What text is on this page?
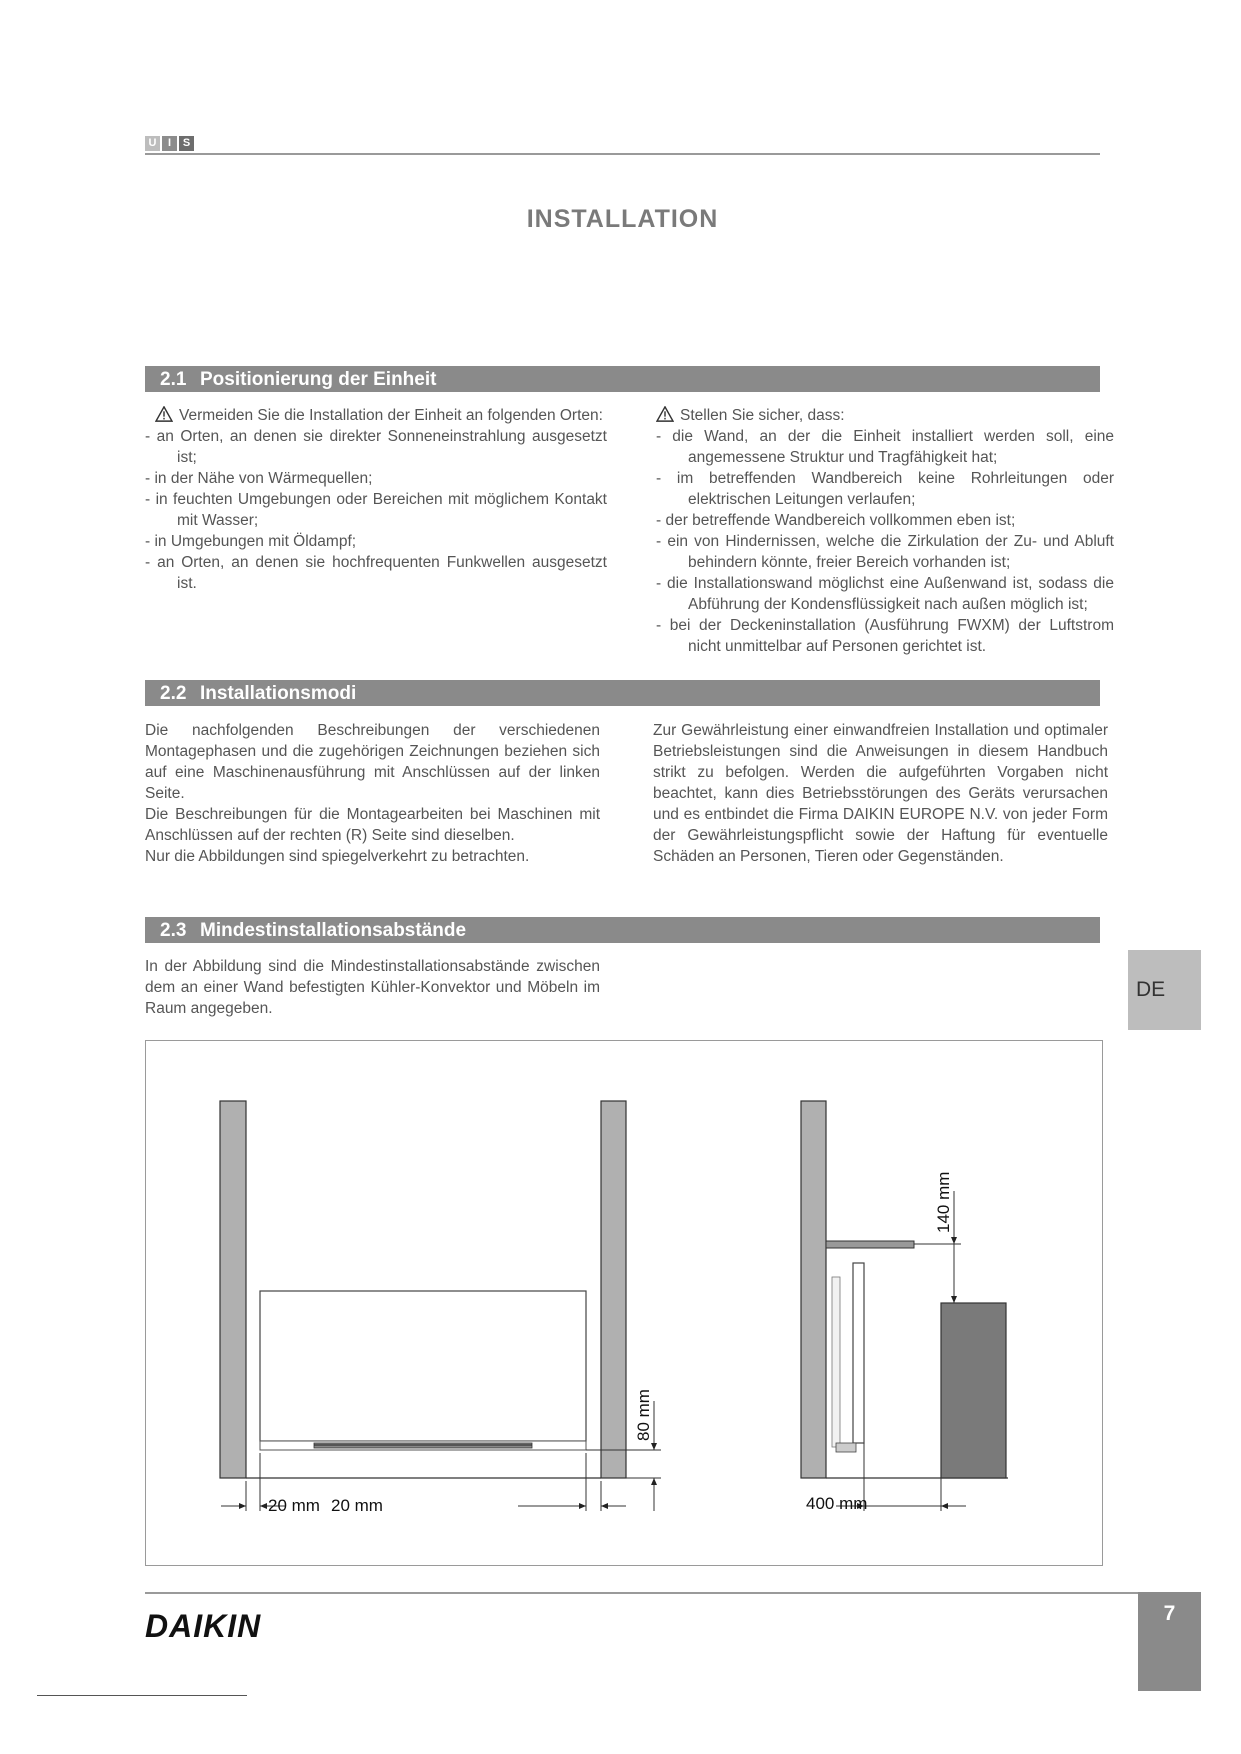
U	I	S
INSTALLATION
2.1 Positionierung der Einheit

Vermeiden Sie die Installation der Einheit an folgenden Orten:

- an Orten, an denen sie direkter Sonneneinstrahlung ausgesetzt ist;

- in der Nähe von Wärmequellen;

- in feuchten Umgebungen oder Bereichen mit möglichem Kontakt mit Wasser;

- in Umgebungen mit Öldampf;

- an Orten, an denen sie hochfrequenten Funkwellen ausgesetzt ist.

Stellen Sie sicher, dass:

- die Wand, an der die Einheit installiert werden soll, eine angemessene Struktur und Tragfähigkeit hat;

- im betreffenden Wandbereich keine Rohrleitungen oder elektrischen Leitungen verlaufen;

- der betreffende Wandbereich vollkommen eben ist;

- ein von Hindernissen, welche die Zirkulation der Zu- und Abluft behindern könnte, freier Bereich vorhanden ist;

- die Installationswand möglichst eine Außenwand ist, sodass die Abführung der Kondensflüssigkeit nach außen möglich ist;

- bei der Deckeninstallation (Ausführung FWXM) der Luftstrom nicht unmittelbar auf Personen gerichtet ist.

2.2 Installationsmodi

Die nachfolgenden Beschreibungen der verschiedenen Montagephasen und die zugehörigen Zeichnungen beziehen sich auf eine Maschinenausführung mit Anschlüssen auf der linken Seite.

Die Beschreibungen für die Montagearbeiten bei Maschinen mit Anschlüssen auf der rechten (R) Seite sind dieselben.

Nur die Abbildungen sind spiegelverkehrt zu betrachten.

Zur Gewährleistung einer einwandfreien Installation und optimaler Betriebsleistungen sind die Anweisungen in diesem Handbuch strikt zu befolgen. Werden die aufgeführten Vorgaben nicht beachtet, kann dies Betriebsstörungen des Geräts verursachen und es entbindet die Firma DAIKIN EUROPE N.V. von jeder Form der Gewährleistungspflicht sowie der Haftung für eventuelle Schäden an Personen, Tieren oder Gegenständen.

2.3 Mindestinstallationsabstände

In der Abbildung sind die Mindestinstallationsabstände zwischen dem an einer Wand befestigten Kühler-Konvektor und Möbeln im Raum angegeben.

DE
20 mm 20 mm
80 mm
140 mm
400 mm
DAIKIN	7
